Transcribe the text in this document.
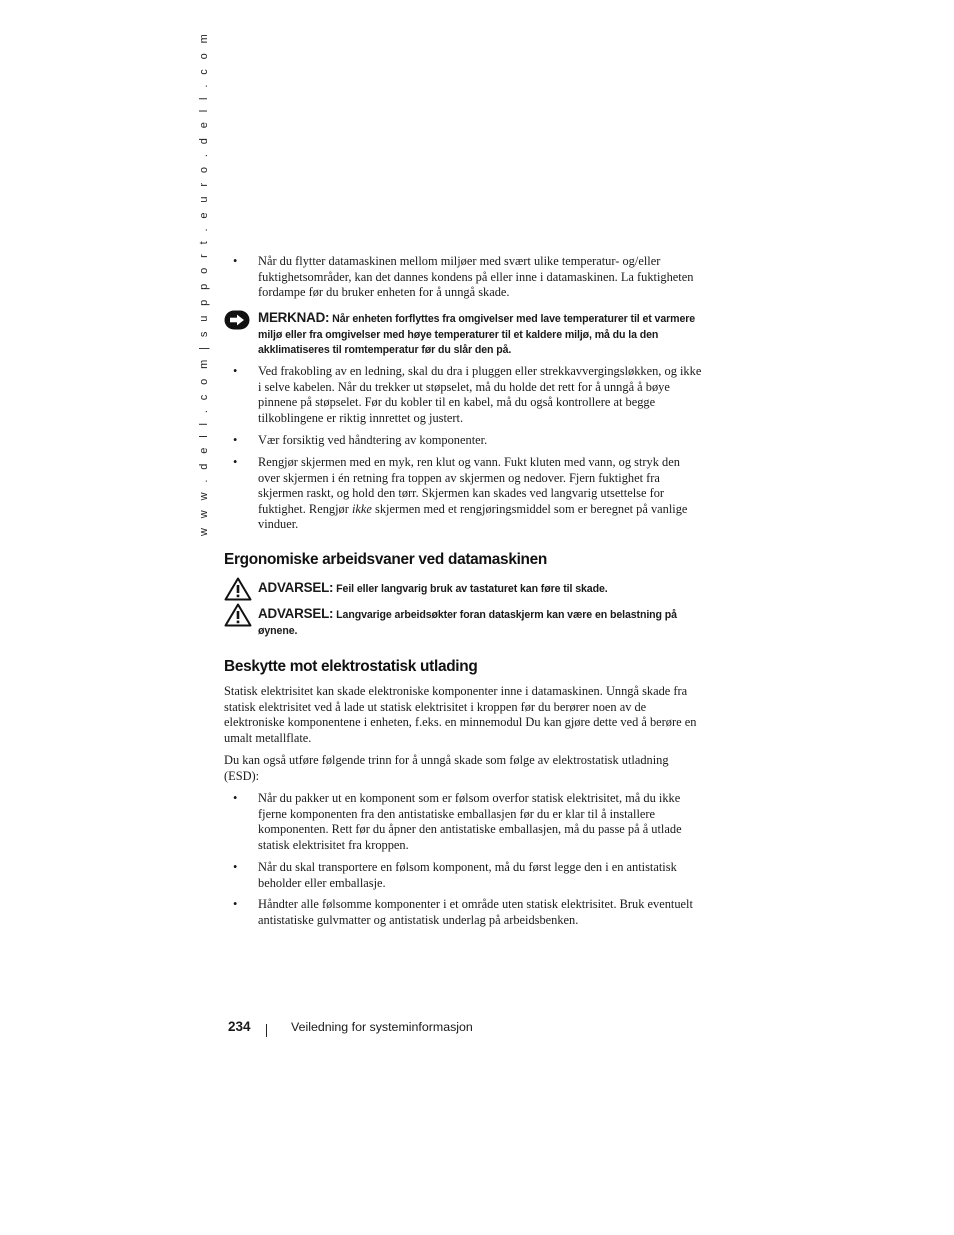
w w w . d e l l . c o m | s u p p o r t . e u r o . d e l l . c o m • Når du flytter datamaskinen mellom miljøer med svært ulike temperatur- og/eller fuktighetsområder, kan det dannes kondens på eller inne i datamaskinen. La fuktigheten fordampe før du bruker enheten for å unngå skade.
MERKNAD: Når enheten forflyttes fra omgivelser med lave temperaturer til et varmere miljø eller fra omgivelser med høye temperaturer til et kaldere miljø, må du la den akklimatiseres til romtemperatur før du slår den på.
• Ved frakobling av en ledning, skal du dra i pluggen eller strekkavvergingsløkken, og ikke i selve kabelen. Når du trekker ut støpselet, må du holde det rett for å unngå å bøye pinnene på støpselet. Før du kobler til en kabel, må du også kontrollere at begge tilkoblingene er riktig innrettet og justert.
• Vær forsiktig ved håndtering av komponenter.
• Rengjør skjermen med en myk, ren klut og vann. Fukt kluten med vann, og stryk den over skjermen i én retning fra toppen av skjermen og nedover. Fjern fuktighet fra skjermen raskt, og hold den tørr. Skjermen kan skades ved langvarig utsettelse for fuktighet. Rengjør ikke skjermen med et rengjøringsmiddel som er beregnet på vanlige vinduer.
Ergonomiske arbeidsvaner ved datamaskinen
ADVARSEL: Feil eller langvarig bruk av tastaturet kan føre til skade.
ADVARSEL: Langvarige arbeidsøkter foran dataskjerm kan være en belastning på øynene.
Beskytte mot elektrostatisk utlading
Statisk elektrisitet kan skade elektroniske komponenter inne i datamaskinen. Unngå skade fra statisk elektrisitet ved å lade ut statisk elektrisitet i kroppen før du berører noen av de elektroniske komponentene i enheten, f.eks. en minnemodul Du kan gjøre dette ved å berøre en umalt metallflate.
Du kan også utføre følgende trinn for å unngå skade som følge av elektrostatisk utladning (ESD):
• Når du pakker ut en komponent som er følsom overfor statisk elektrisitet, må du ikke fjerne komponenten fra den antistatiske emballasjen før du er klar til å installere komponenten. Rett før du åpner den antistatiske emballasjen, må du passe på å utlade statisk elektrisitet fra kroppen.
• Når du skal transportere en følsom komponent, må du først legge den i en antistatisk beholder eller emballasje.
• Håndter alle følsomme komponenter i et område uten statisk elektrisitet. Bruk eventuelt antistatiske gulvmatter og antistatisk underlag på arbeidsbenken.
234	Veiledning for systeminformasjon
